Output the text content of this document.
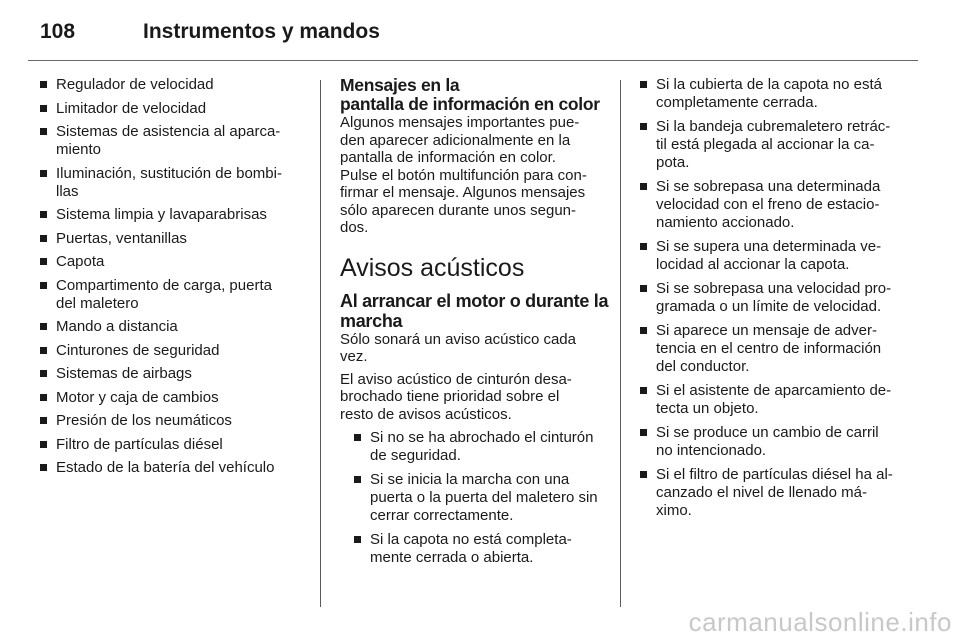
108	Instrumentos y mandos
Regulador de velocidad
Limitador de velocidad
Sistemas de asistencia al aparca-
miento
Iluminación, sustitución de bombi-
llas
Sistema limpia y lavaparabrisas
Puertas, ventanillas
Capota
Compartimento de carga, puerta
del maletero
Mando a distancia
Cinturones de seguridad
Sistemas de airbags
Motor y caja de cambios
Presión de los neumáticos
Filtro de partículas diésel
Estado de la batería del vehículo
Mensajes en la
pantalla de información en color

Algunos mensajes importantes pue-
den aparecer adicionalmente en la
pantalla de información en color.
Pulse el botón multifunción para con-
firmar el mensaje. Algunos mensajes
sólo aparecen durante unos segun-
dos.

Avisos acústicos
Al arrancar el motor o durante la
marcha

Sólo sonará un aviso acústico cada
vez.

El aviso acústico de cinturón desa-
brochado tiene prioridad sobre el
resto de avisos acústicos.

Si no se ha abrochado el cinturón
de seguridad.
Si se inicia la marcha con una
puerta o la puerta del maletero sin
cerrar correctamente.
Si la capota no está completa-
mente cerrada o abierta.
Si la cubierta de la capota no está
completamente cerrada.
Si la bandeja cubremaletero retrác-
til está plegada al accionar la ca-
pota.
Si se sobrepasa una determinada
velocidad con el freno de estacio-
namiento accionado.
Si se supera una determinada ve-
locidad al accionar la capota.
Si se sobrepasa una velocidad pro-
gramada o un límite de velocidad.
Si aparece un mensaje de adver-
tencia en el centro de información
del conductor.
Si el asistente de aparcamiento de-
tecta un objeto.
Si se produce un cambio de carril
no intencionado.
Si el filtro de partículas diésel ha al-
canzado el nivel de llenado má-
ximo.
carmanualsonline.info
